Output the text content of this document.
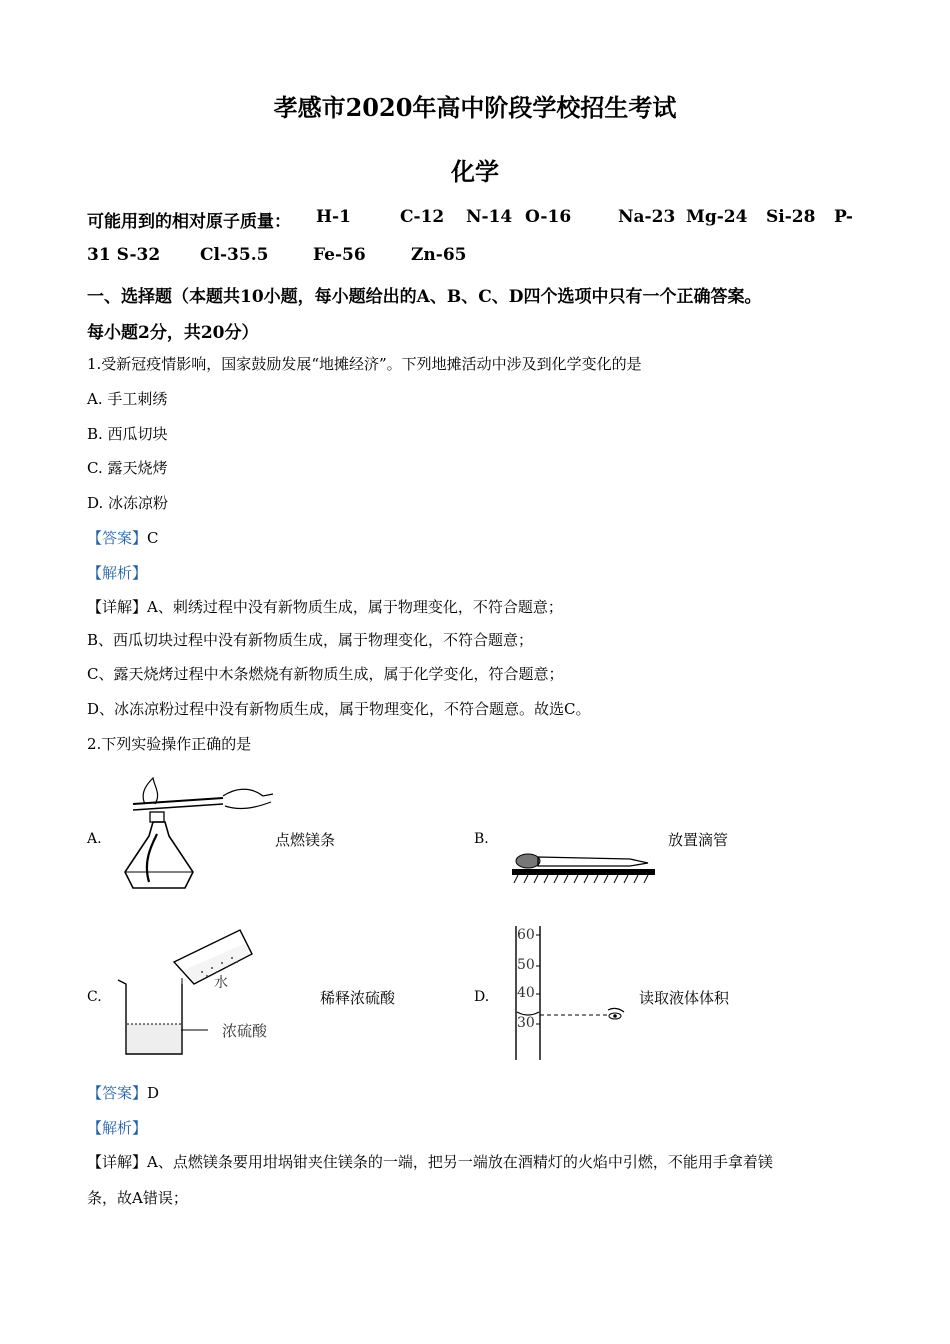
孝感市2020年高中阶段学校招生考试
化学
可能用到的相对原子质量： H-1	C-12 N-14 O-16	Na-23 Mg-24 Si-28 P-
31 S-32 Cl-35.5	Fe-56	Zn-65
一、选择题（本题共10小题，每小题给出的A、B、C、D四个选项中只有一个正确答案。
每小题2分，共20分）
1.受新冠疫情影响，国家鼓励发展“地摊经济”。下列地摊活动中涉及到化学变化的是
A. 手工刺绣
B. 西瓜切块
C. 露天烧烤
D. 冰冻凉粉
【答案】C
【解析】
【详解】A、刺绣过程中没有新物质生成，属于物理变化，不符合题意；
B、西瓜切块过程中没有新物质生成，属于物理变化，不符合题意；
C、露天烧烤过程中木条燃烧有新物质生成，属于化学变化，符合题意；
D、冰冻凉粉过程中没有新物质生成，属于物理变化，不符合题意。故选C。
2.下列实验操作正确的是
A.	点燃镁条	B.	放置滴管
C.
水
浓硫酸
稀释浓硫酸	D.
60
50
40
30
读取液体体积
【答案】D
【解析】
【详解】A、点燃镁条要用坩埚钳夹住镁条的一端，把另一端放在酒精灯的火焰中引燃，不能用手拿着镁
条，故A错误；
